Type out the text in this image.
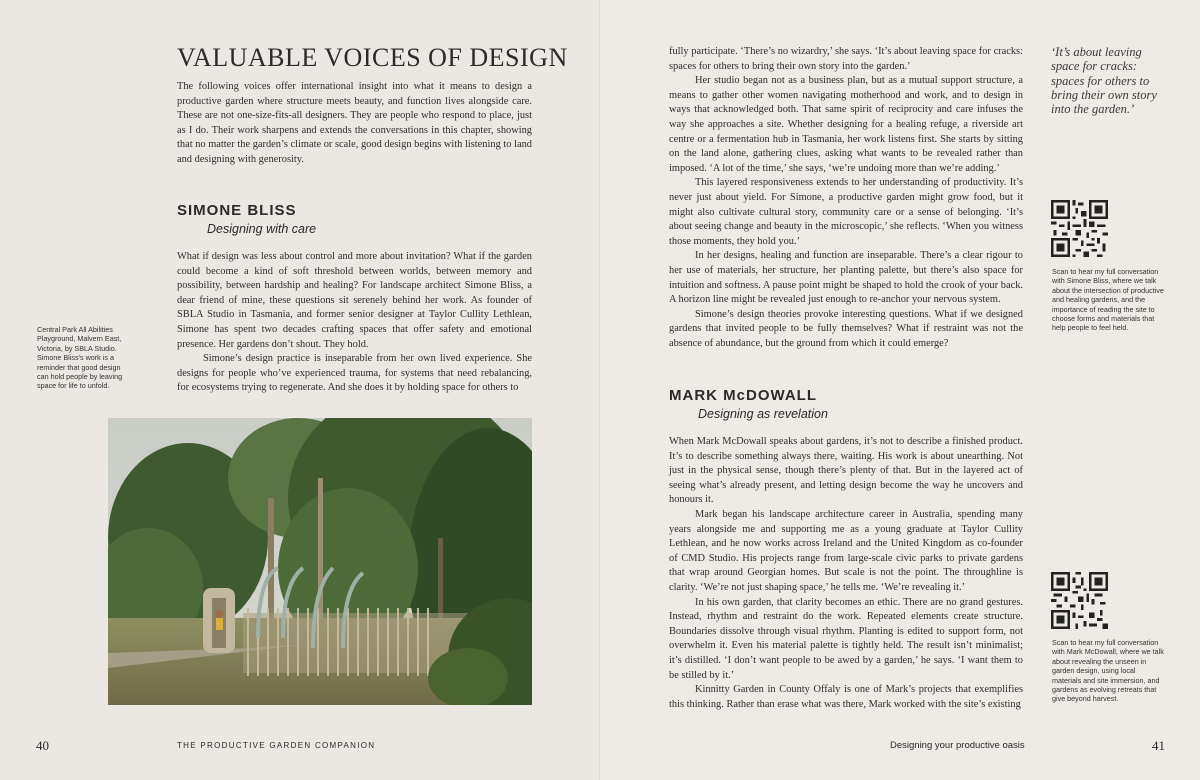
VALUABLE VOICES OF DESIGN

The following voices offer international insight into what it means to design a productive garden where structure meets beauty, and function lives alongside care. These are not one-size-fits-all designers. They are people who respond to place, just as I do. Their work sharpens and extends the conversations in this chapter, showing that no matter the garden’s climate or scale, good design begins with listening to land and designing with generosity.

SIMONE BLISS
Designing with care

What if design was less about control and more about invitation? What if the garden could become a kind of soft threshold between worlds, between memory and possibility, between hardship and healing? For landscape architect Simone Bliss, a dear friend of mine, these questions sit serenely behind her work. As founder of SBLA Studio in Tasmania, and former senior designer at Taylor Cullity Lethlean, Simone has spent two decades crafting spaces that offer safety and emotional presence. Her gardens don’t shout. They hold.

Simone’s design practice is inseparable from her own lived experience. She designs for people who’ve experienced trauma, for systems that need rebalancing, for ecosystems trying to regenerate. And she does it by holding space for others to

Central Park All Abilities Playground, Malvern East, Victoria, by SBLA Studio. Simone Bliss’s work is a reminder that good design can hold people by leaving space for life to unfold.
40	THE PRODUCTIVE GARDEN COMPANION

fully participate. ‘There’s no wizardry,’ she says. ‘It’s about leaving space for cracks: spaces for others to bring their own story into the garden.’

Her studio began not as a business plan, but as a mutual support structure, a means to gather other women navigating motherhood and work, and to design in ways that acknowledged both. That same spirit of reciprocity and care infuses the way she approaches a site. Whether designing for a healing refuge, a riverside art centre or a fermentation hub in Tasmania, her work listens first. She starts by sitting on the land alone, gathering clues, asking what wants to be revealed rather than imposed. ‘A lot of the time,’ she says, ‘we’re undoing more than we’re adding.’

This layered responsiveness extends to her understanding of productivity. It’s never just about yield. For Simone, a productive garden might grow food, but it might also cultivate cultural story, community care or a sense of belonging. ‘It’s about seeing change and beauty in the microscopic,’ she reflects. ‘When you witness those moments, they hold you.’

In her designs, healing and function are inseparable. There’s a clear rigour to her use of materials, her structure, her planting palette, but there’s also space for intuition and softness. A pause point might be shaped to hold the crook of your back. A horizon line might be revealed just enough to re-anchor your nervous system.

Simone’s design theories provoke interesting questions. What if we designed gardens that invited people to be fully themselves? What if restraint was not the absence of abundance, but the ground from which it could emerge?

‘It’s about leaving space for cracks: spaces for others to bring their own story into the garden.’
Scan to hear my full conversation with Simone Bliss, where we talk about the intersection of productive and healing gardens, and the importance of reading the site to choose forms and materials that help people to feel held.
MARK McDOWALL
Designing as revelation

When Mark McDowall speaks about gardens, it’s not to describe a finished product. It’s to describe something always there, waiting. His work is about unearthing. Not just in the physical sense, though there’s plenty of that. But in the layered act of seeing what’s already present, and letting design become the way he uncovers and honours it.

Mark began his landscape architecture career in Australia, spending many years alongside me and supporting me as a young graduate at Taylor Cullity Lethlean, and he now works across Ireland and the United Kingdom as co-founder of CMD Studio. His projects range from large-scale civic parks to private gardens that wrap around Georgian homes. But scale is not the point. The throughline is clarity. ‘We’re not just shaping space,’ he tells me. ‘We’re revealing it.’

In his own garden, that clarity becomes an ethic. There are no grand gestures. Instead, rhythm and restraint do the work. Repeated elements create structure. Boundaries dissolve through visual rhythm. Planting is edited to support form, not overwhelm it. Even his material palette is tightly held. The result isn’t minimalist; it’s distilled. ‘I don’t want people to be awed by a garden,’ he says. ‘I want them to be stilled by it.’

Kinnitty Garden in County Offaly is one of Mark’s projects that exemplifies this thinking. Rather than erase what was there, Mark worked with the site’s existing

Scan to hear my full conversation with Mark McDowall, where we talk about revealing the unseen in garden design, using local materials and site immersion, and gardens as evolving retreats that give beyond harvest.
Designing your productive oasis	41
